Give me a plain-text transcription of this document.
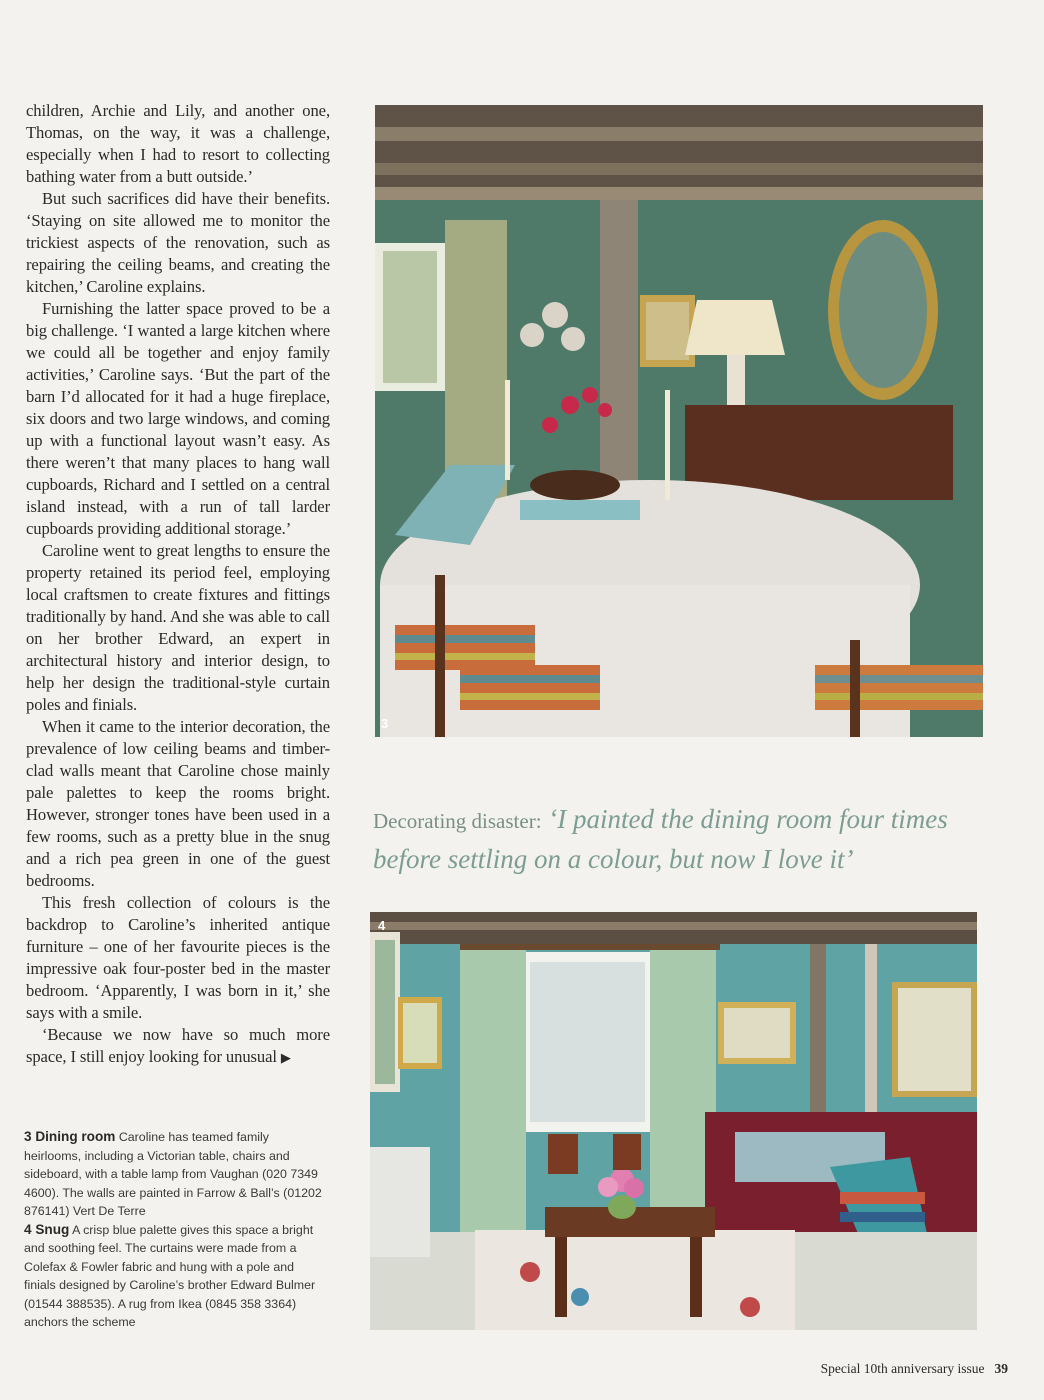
children, Archie and Lily, and another one, Thomas, on the way, it was a challenge, especially when I had to resort to collecting bathing water from a butt outside.’

But such sacrifices did have their benefits. ‘Staying on site allowed me to monitor the trickiest aspects of the renovation, such as repairing the ceiling beams, and creating the kitchen,’ Caroline explains.

Furnishing the latter space proved to be a big challenge. ‘I wanted a large kitchen where we could all be together and enjoy family activities,’ Caroline says. ‘But the part of the barn I’d allocated for it had a huge fireplace, six doors and two large windows, and coming up with a functional layout wasn’t easy. As there weren’t that many places to hang wall cupboards, Richard and I settled on a central island instead, with a run of tall larder cupboards providing additional storage.’

Caroline went to great lengths to ensure the property retained its period feel, employing local craftsmen to create fixtures and fittings traditionally by hand. And she was able to call on her brother Edward, an expert in architectural history and interior design, to help her design the traditional-style curtain poles and finials.

When it came to the interior decoration, the prevalence of low ceiling beams and timber-clad walls meant that Caroline chose mainly pale palettes to keep the rooms bright. However, stronger tones have been used in a few rooms, such as a pretty blue in the snug and a rich pea green in one of the guest bedrooms.

This fresh collection of colours is the backdrop to Caroline’s inherited antique furniture – one of her favourite pieces is the impressive oak four-poster bed in the master bedroom. ‘Apparently, I was born in it,’ she says with a smile.

‘Because we now have so much more space, I still enjoy looking for unusual ▶

3 Dining room Caroline has teamed family heirlooms, including a Victorian table, chairs and sideboard, with a table lamp from Vaughan (020 7349 4600). The walls are painted in Farrow & Ball’s (01202 876141) Vert De Terre

4 Snug A crisp blue palette gives this space a bright and soothing feel. The curtains were made from a Colefax & Fowler fabric and hung with a pole and finials designed by Caroline’s brother Edward Bulmer (01544 388535). A rug from Ikea (0845 358 3364) anchors the scheme

3
Decorating disaster: ‘I painted the dining room four times before settling on a colour, but now I love it’
4
Special 10th anniversary issue 39
